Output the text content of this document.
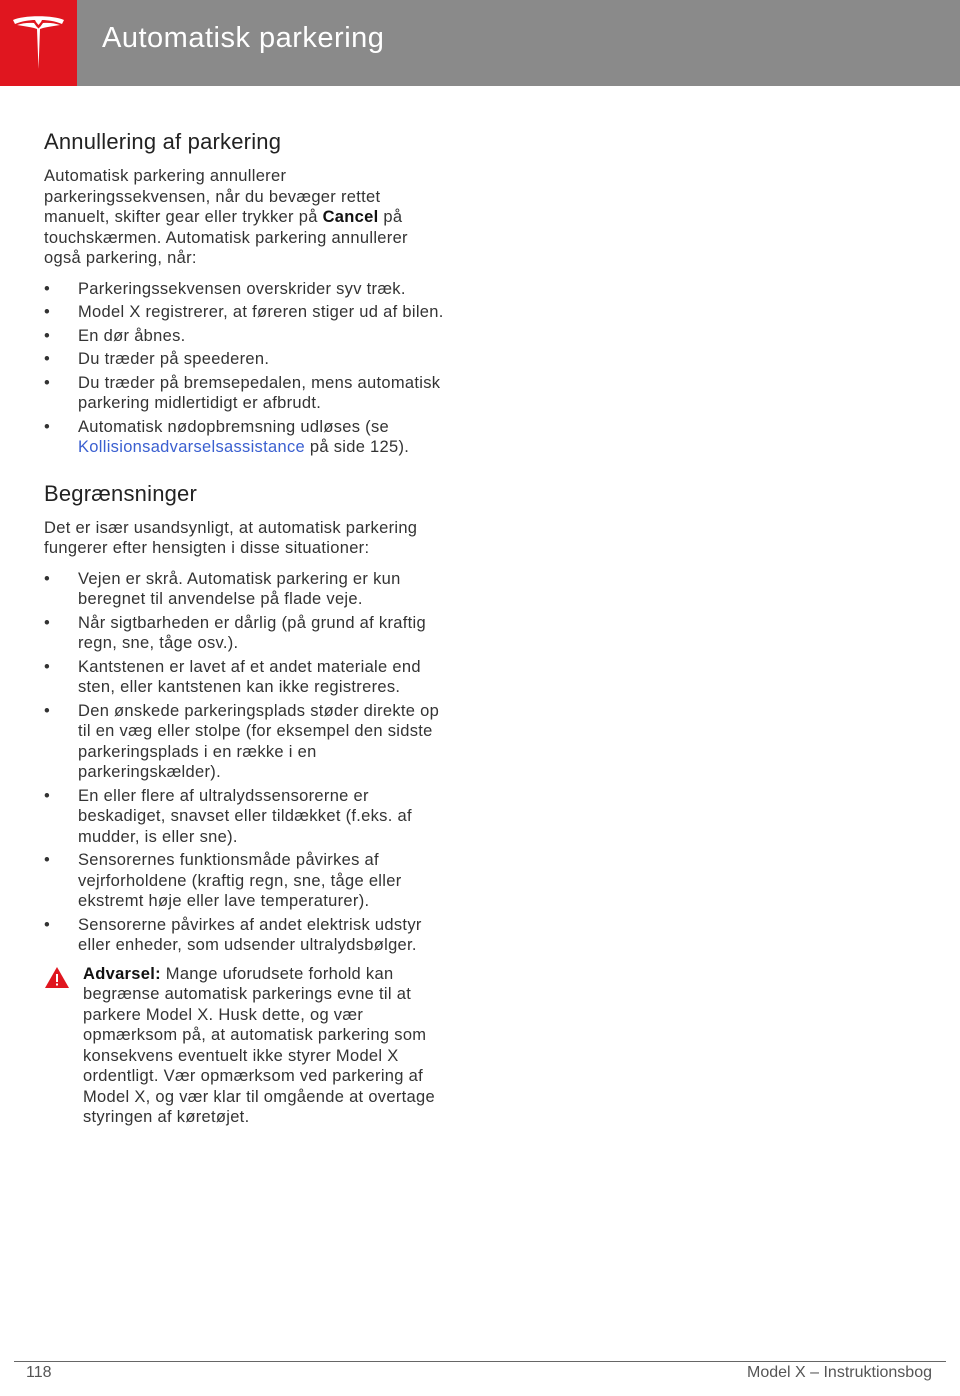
Automatisk parkering
Annullering af parkering

Automatisk parkering annullerer parkeringssekvensen, når du bevæger rettet manuelt, skifter gear eller trykker på Cancel på touchskærmen. Automatisk parkering annullerer også parkering, når:

• Parkeringssekvensen overskrider syv træk.
• Model X registrerer, at føreren stiger ud af bilen.
• En dør åbnes.
• Du træder på speederen.
• Du træder på bremsepedalen, mens automatisk parkering midlertidigt er afbrudt.
• Automatisk nødopbremsning udløses (se Kollisionsadvarselsassistance på side 125).
Begrænsninger

Det er især usandsynligt, at automatisk parkering fungerer efter hensigten i disse situationer:

• Vejen er skrå. Automatisk parkering er kun beregnet til anvendelse på flade veje.
• Når sigtbarheden er dårlig (på grund af kraftig regn, sne, tåge osv.).
• Kantstenen er lavet af et andet materiale end sten, eller kantstenen kan ikke registreres.
• Den ønskede parkeringsplads støder direkte op til en væg eller stolpe (for eksempel den sidste parkeringsplads i en række i en parkeringskælder).
• En eller flere af ultralydssensorerne er beskadiget, snavset eller tildækket (f.eks. af mudder, is eller sne).
• Sensorernes funktionsmåde påvirkes af vejrforholdene (kraftig regn, sne, tåge eller ekstremt høje eller lave temperaturer).
• Sensorerne påvirkes af andet elektrisk udstyr eller enheder, som udsender ultralydsbølger.
Advarsel: Mange uforudsete forhold kan begrænse automatisk parkerings evne til at parkere Model X. Husk dette, og vær opmærksom på, at automatisk parkering som konsekvens eventuelt ikke styrer Model X ordentligt. Vær opmærksom ved parkering af Model X, og vær klar til omgående at overtage styringen af køretøjet.
118	Model X – Instruktionsbog
